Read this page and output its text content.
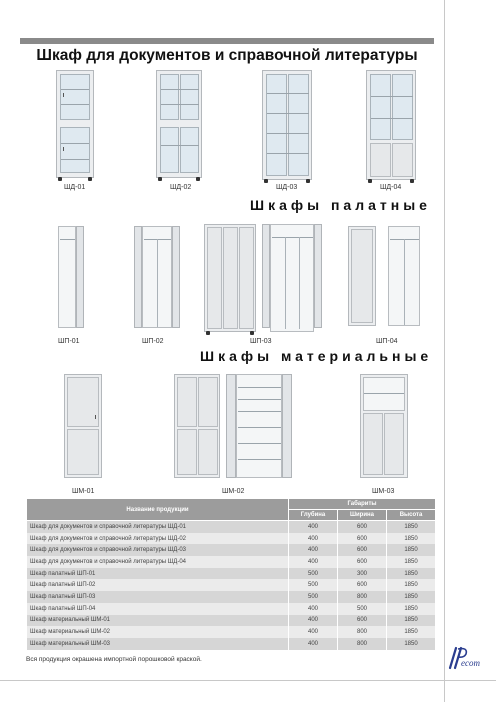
Шкаф для документов и справочной литературы
ШД-01	ШД-02	ШД-03	ШД-04
Шкафы палатные
ШП-01	ШП-02	ШП-03	ШП-04
Шкафы материальные
ШМ-01	ШМ-02	ШМ-03
Название продукции	Габариты		
	Глубина	Ширина	Высота
Шкаф для документов и справочной литературы ШД-01	400	600	1850
Шкаф для документов и справочной литературы ШД-02	400	600	1850
Шкаф для документов и справочной литературы ШД-03	400	600	1850
Шкаф для документов и справочной литературы ШД-04	400	600	1850
Шкаф палатный ШП-01	500	300	1850
Шкаф палатный ШП-02	500	600	1850
Шкаф палатный ШП-03	500	800	1850
Шкаф палатный ШП-04	400	500	1850
Шкаф материальный ШМ-01	400	600	1850
Шкаф материальный ШМ-02	400	800	1850
Шкаф материальный ШМ-03	400	800	1850
Вся продукция окрашена импортной порошковой краской.	ecom
